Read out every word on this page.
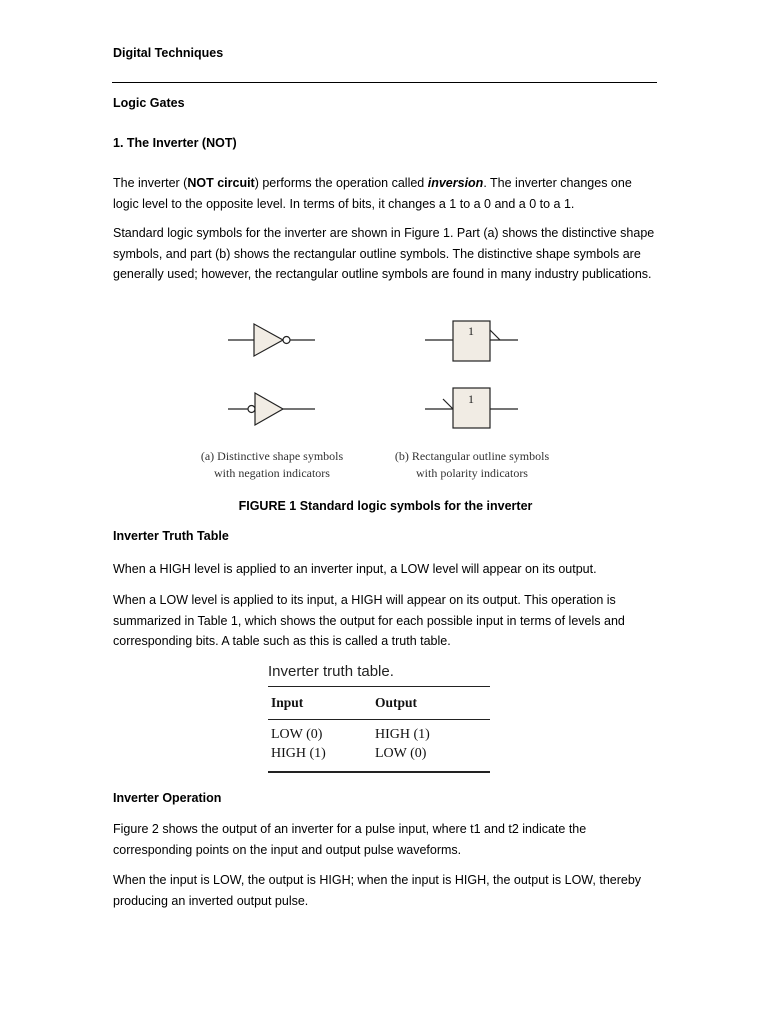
Digital Techniques
Logic Gates
1. The Inverter (NOT)
The inverter (NOT circuit) performs the operation called inversion. The inverter changes one logic level to the opposite level. In terms of bits, it changes a 1 to a 0 and a 0 to a 1.
Standard logic symbols for the inverter are shown in Figure 1. Part (a) shows the distinctive shape symbols, and part (b) shows the rectangular outline symbols. The distinctive shape symbols are generally used; however, the rectangular outline symbols are found in many industry publications.
1
1
(a) Distinctive shape symbols
with negation indicators
(b) Rectangular outline symbols
with polarity indicators
FIGURE 1 Standard logic symbols for the inverter
Inverter Truth Table
When a HIGH level is applied to an inverter input, a LOW level will appear on its output.
When a LOW level is applied to its input, a HIGH will appear on its output. This operation is summarized in Table 1, which shows the output for each possible input in terms of levels and corresponding bits. A table such as this is called a truth table.
Inverter truth table.
Input	Output
LOW (0)	HIGH (1)
HIGH (1)	LOW (0)
Inverter Operation
Figure 2 shows the output of an inverter for a pulse input, where t1 and t2 indicate the corresponding points on the input and output pulse waveforms.
When the input is LOW, the output is HIGH; when the input is HIGH, the output is LOW, thereby producing an inverted output pulse.
